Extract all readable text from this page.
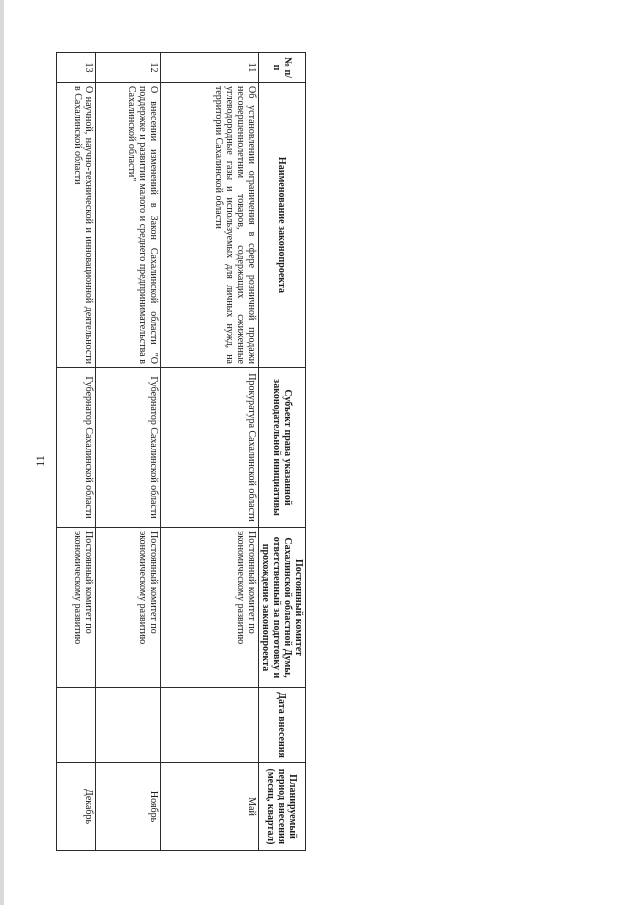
11
№ п/п	Наименование законопроекта	Субъект права указанной законодательной инициативы	Постоянный комитет Сахалинской областной Думы, ответственный за подготовку и прохождение законопроекта	Дата внесения	Планируемый период внесения (месяц, квартал)
11	Об установлении ограничения в сфере розничной продажи несовершеннолетним товаров, содержащих сжиженные углеводородные газы и используемых для личных нужд, на территории Сахалинской области	Прокуратура Сахалинской области	Постоянный комитет по экономическому развитию		Май
12	О внесении изменений в Закон Сахалинской области "О поддержке и развитии малого и среднего предпринимательства в Сахалинской области"	Губернатор Сахалинской области	Постоянный комитет по экономическому развитию		Ноябрь
13	О научной, научно-технической и инновационной деятельности в Сахалинской области	Губернатор Сахалинской области	Постоянный комитет по экономическому развитию		Декабрь
